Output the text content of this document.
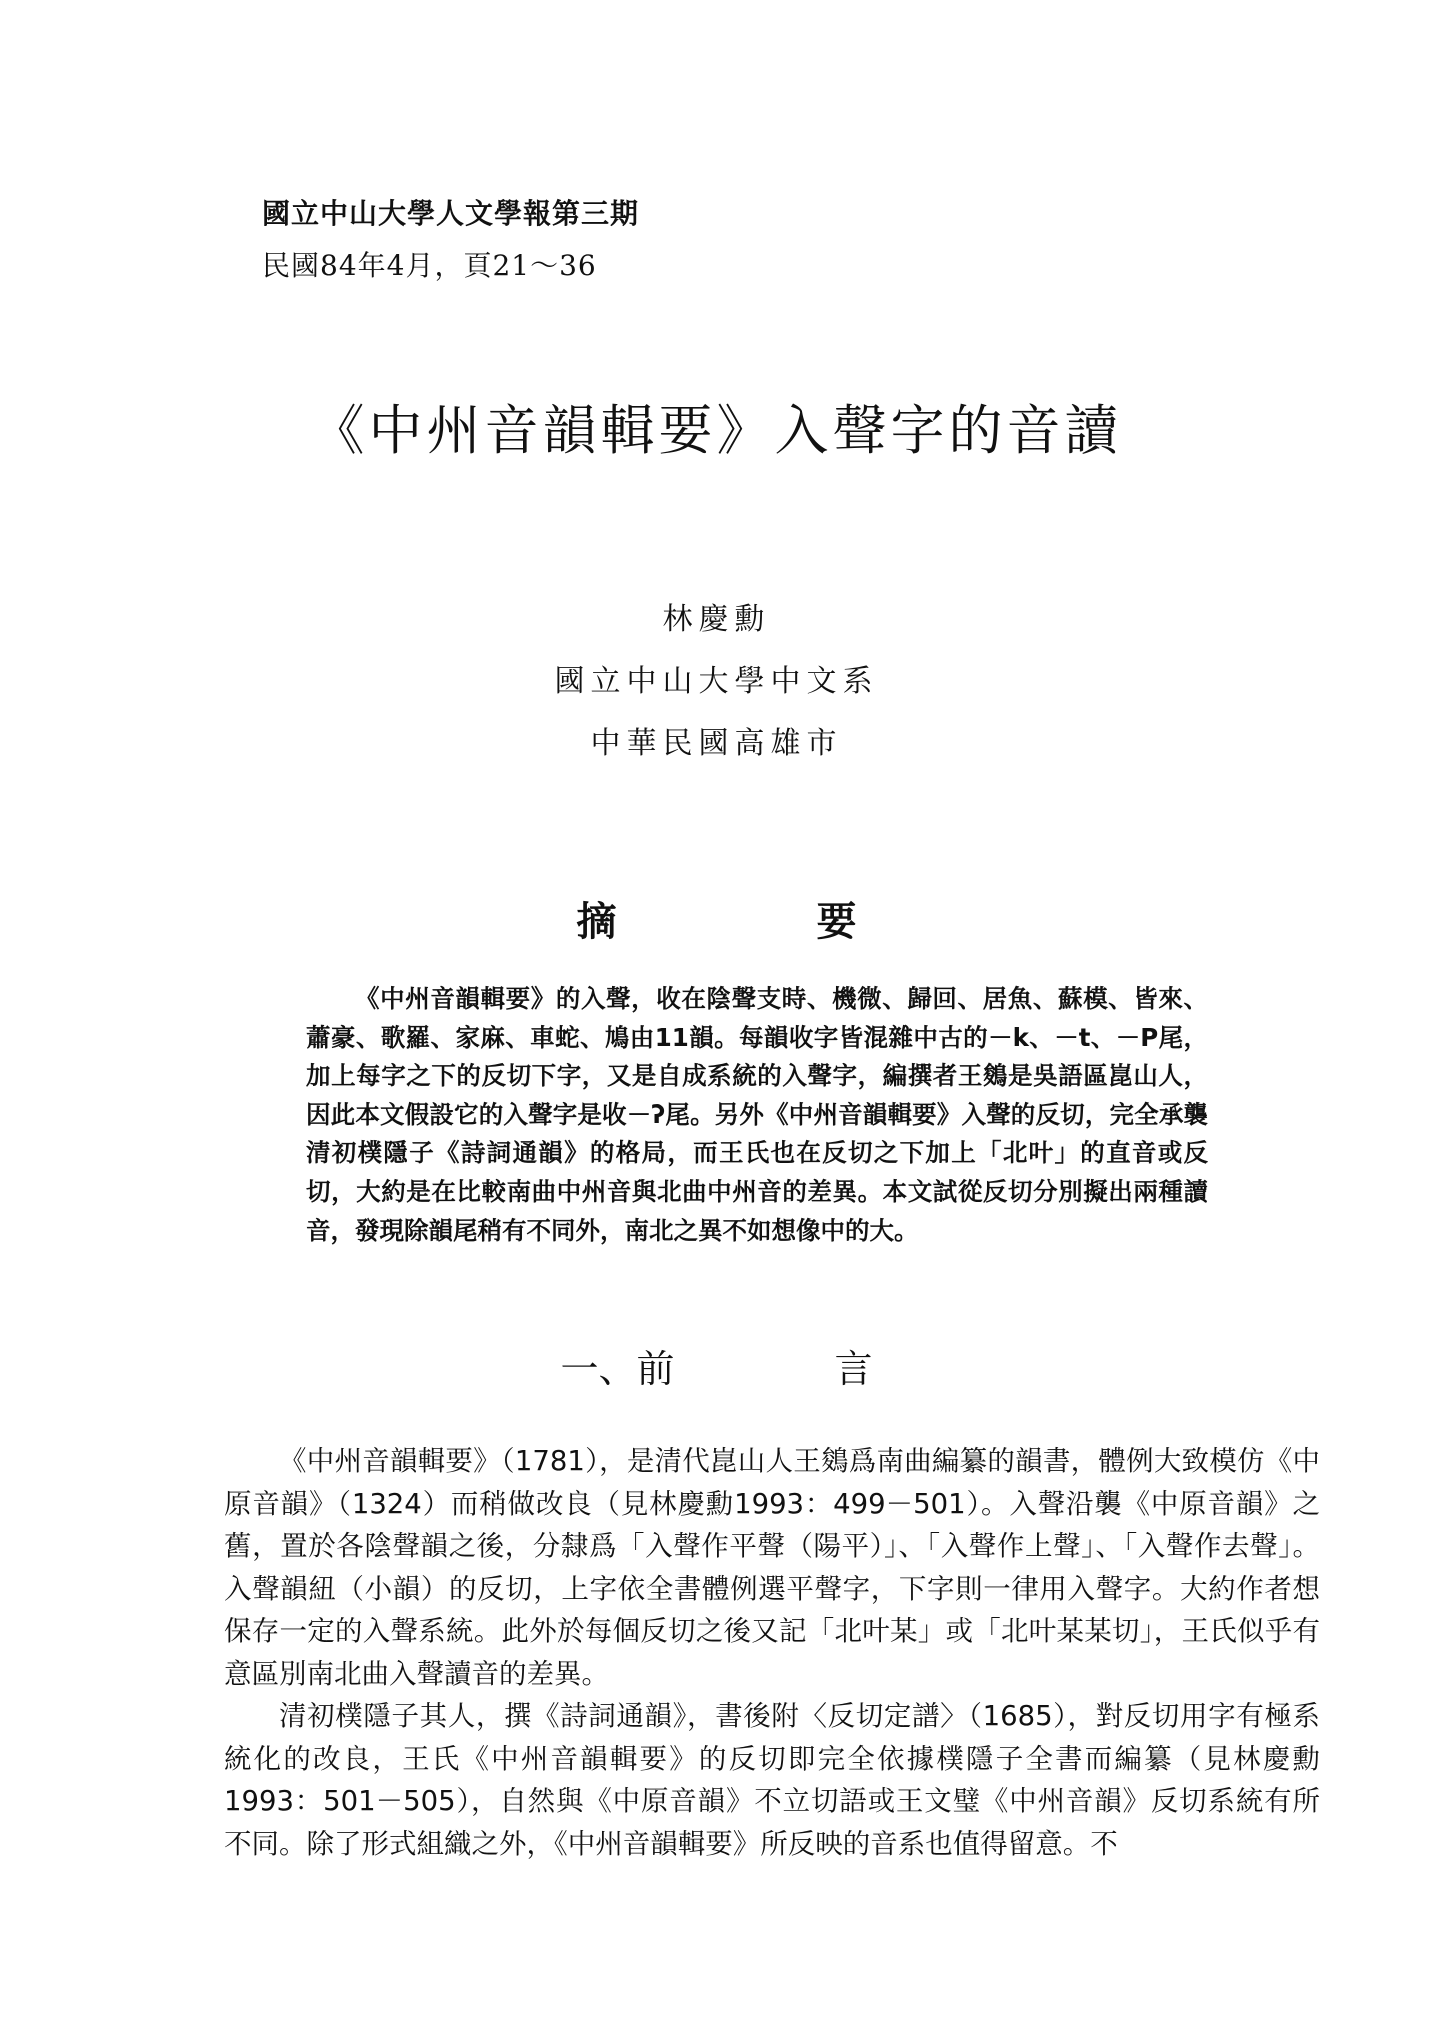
國立中山大學人文學報第三期
民國84年4月，頁21～36
《中州音韻輯要》入聲字的音讀
林慶勳
國立中山大學中文系
中華民國高雄市
摘	要

《中州音韻輯要》的入聲，收在陰聲支時、機微、歸回、居魚、蘇模、皆來、蕭豪、歌羅、家麻、車蛇、鳩由11韻。每韻收字皆混雜中古的－k、－t、－P尾，加上每字之下的反切下字，又是自成系統的入聲字，編撰者王鵕是吳語區崑山人，因此本文假設它的入聲字是收－ʔ尾。另外《中州音韻輯要》入聲的反切，完全承襲清初樸隱子《詩詞通韻》的格局，而王氏也在反切之下加上「北叶」的直音或反切，大約是在比較南曲中州音與北曲中州音的差異。本文試從反切分別擬出兩種讀音，發現除韻尾稍有不同外，南北之異不如想像中的大。

一、前	言

《中州音韻輯要》（1781），是清代崑山人王鵕爲南曲編纂的韻書，體例大致模仿《中原音韻》（1324）而稍做改良（見林慶勳1993：499－501）。入聲沿襲《中原音韻》之舊，置於各陰聲韻之後，分隸爲「入聲作平聲（陽平）」、「入聲作上聲」、「入聲作去聲」。入聲韻紐（小韻）的反切，上字依全書體例選平聲字，下字則一律用入聲字。大約作者想保存一定的入聲系統。此外於每個反切之後又記「北叶某」或「北叶某某切」，王氏似乎有意區別南北曲入聲讀音的差異。

清初樸隱子其人，撰《詩詞通韻》，書後附〈反切定譜〉（1685），對反切用字有極系統化的改良，王氏《中州音韻輯要》的反切即完全依據樸隱子全書而編纂（見林慶勳1993：501－505），自然與《中原音韻》不立切語或王文璧《中州音韻》反切系統有所不同。除了形式組織之外，《中州音韻輯要》所反映的音系也值得留意。不
